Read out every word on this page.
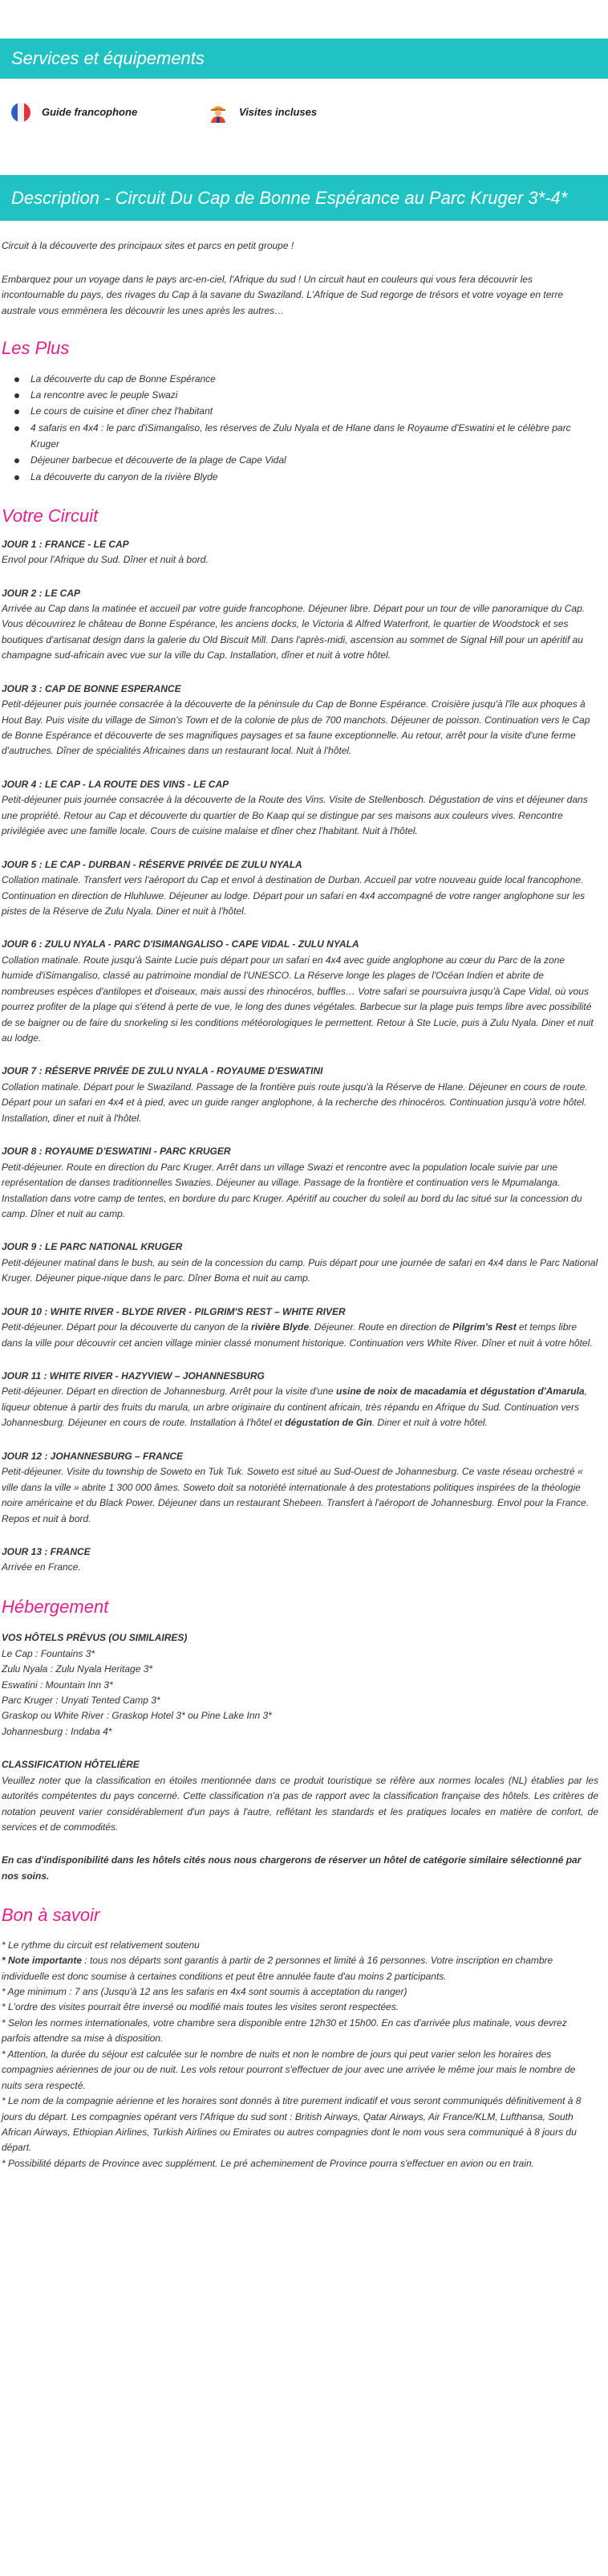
Services et équipements
Guide francophone	Visites incluses
Description - Circuit Du Cap de Bonne Espérance au Parc Kruger 3*-4*

Circuit à la découverte des principaux sites et parcs en petit groupe !

Embarquez pour un voyage dans le pays arc-en-ciel, l'Afrique du sud ! Un circuit haut en couleurs qui vous fera découvrir les incontournable du pays, des rivages du Cap à la savane du Swaziland. L'Afrique de Sud regorge de trésors et votre voyage en terre australe vous emmènera les découvrir les unes après les autres…

Les Plus
La découverte du cap de Bonne Espérance
La rencontre avec le peuple Swazi
Le cours de cuisine et dîner chez l'habitant
4 safaris en 4x4 : le parc d'iSimangaliso, les réserves de Zulu Nyala et de Hlane dans le Royaume d'Eswatini et le célèbre parc Kruger
Déjeuner barbecue et découverte de la plage de Cape Vidal
La découverte du canyon de la rivière Blyde
Votre Circuit
JOUR 1 : FRANCE - LE CAP
Envol pour l'Afrique du Sud. Dîner et nuit à bord.
JOUR 2 : LE CAP
Arrivée au Cap dans la matinée et accueil par votre guide francophone. Déjeuner libre. Départ pour un tour de ville panoramique du Cap. Vous découvrirez le château de Bonne Espérance, les anciens docks, le Victoria & Alfred Waterfront, le quartier de Woodstock et ses boutiques d'artisanat design dans la galerie du Old Biscuit Mill. Dans l'après-midi, ascension au sommet de Signal Hill pour un apéritif au champagne sud-africain avec vue sur la ville du Cap. Installation, dîner et nuit à votre hôtel.
JOUR 3 : CAP DE BONNE ESPERANCE
Petit-déjeuner puis journée consacrée à la découverte de la péninsule du Cap de Bonne Espérance. Croisière jusqu'à l'île aux phoques à Hout Bay. Puis visite du village de Simon's Town et de la colonie de plus de 700 manchots. Déjeuner de poisson. Continuation vers le Cap de Bonne Espérance et découverte de ses magnifiques paysages et sa faune exceptionnelle. Au retour, arrêt pour la visite d'une ferme d'autruches. Dîner de spécialités Africaines dans un restaurant local. Nuit à l'hôtel.
JOUR 4 : LE CAP - LA ROUTE DES VINS - LE CAP
Petit-déjeuner puis journée consacrée à la découverte de la Route des Vins. Visite de Stellenbosch. Dégustation de vins et déjeuner dans une propriété. Retour au Cap et découverte du quartier de Bo Kaap qui se distingue par ses maisons aux couleurs vives. Rencontre privilégiée avec une famille locale. Cours de cuisine malaise et dîner chez l'habitant. Nuit à l'hôtel.
JOUR 5 : LE CAP - DURBAN - RÉSERVE PRIVÉE DE ZULU NYALA
Collation matinale. Transfert vers l'aéroport du Cap et envol à destination de Durban. Accueil par votre nouveau guide local francophone. Continuation en direction de Hluhluwe. Déjeuner au lodge. Départ pour un safari en 4x4 accompagné de votre ranger anglophone sur les pistes de la Réserve de Zulu Nyala. Diner et nuit à l'hôtel.
JOUR 6 : ZULU NYALA - PARC D'ISIMANGALISO - CAPE VIDAL - ZULU NYALA
Collation matinale. Route jusqu'à Sainte Lucie puis départ pour un safari en 4x4 avec guide anglophone au cœur du Parc de la zone humide d'iSimangaliso, classé au patrimoine mondial de l'UNESCO. La Réserve longe les plages de l'Océan Indien et abrite de nombreuses espèces d'antilopes et d'oiseaux, mais aussi des rhinocéros, buffles… Votre safari se poursuivra jusqu'à Cape Vidal, où vous pourrez profiter de la plage qui s'étend à perte de vue, le long des dunes végétales. Barbecue sur la plage puis temps libre avec possibilité de se baigner ou de faire du snorkeling si les conditions météorologiques le permettent. Retour à Ste Lucie, puis à Zulu Nyala. Diner et nuit au lodge.
JOUR 7 : RÉSERVE PRIVÉE DE ZULU NYALA - ROYAUME D'ESWATINI
Collation matinale. Départ pour le Swaziland. Passage de la frontière puis route jusqu'à la Réserve de Hlane. Déjeuner en cours de route. Départ pour un safari en 4x4 et à pied, avec un guide ranger anglophone, à la recherche des rhinocéros. Continuation jusqu'à votre hôtel. Installation, diner et nuit à l'hôtel.
JOUR 8 : ROYAUME D'ESWATINI - PARC KRUGER
Petit-déjeuner. Route en direction du Parc Kruger. Arrêt dans un village Swazi et rencontre avec la population locale suivie par une représentation de danses traditionnelles Swazies. Déjeuner au village. Passage de la frontière et continuation vers le Mpumalanga. Installation dans votre camp de tentes, en bordure du parc Kruger. Apéritif au coucher du soleil au bord du lac situé sur la concession du camp. Dîner et nuit au camp.
JOUR 9 : LE PARC NATIONAL KRUGER
Petit-déjeuner matinal dans le bush, au sein de la concession du camp. Puis départ pour une journée de safari en 4x4 dans le Parc National Kruger. Déjeuner pique-nique dans le parc. Dîner Boma et nuit au camp.
JOUR 10 : WHITE RIVER - BLYDE RIVER - PILGRIM'S REST – WHITE RIVER
Petit-déjeuner. Départ pour la découverte du canyon de la rivière Blyde. Déjeuner. Route en direction de Pilgrim's Rest et temps libre dans la ville pour découvrir cet ancien village minier classé monument historique. Continuation vers White River. Dîner et nuit à votre hôtel.
JOUR 11 : WHITE RIVER - HAZYVIEW – JOHANNESBURG
Petit-déjeuner. Départ en direction de Johannesburg. Arrêt pour la visite d'une usine de noix de macadamia et dégustation d'Amarula, liqueur obtenue à partir des fruits du marula, un arbre originaire du continent africain, très répandu en Afrique du Sud. Continuation vers Johannesburg. Déjeuner en cours de route. Installation à l'hôtel et dégustation de Gin. Diner et nuit à votre hôtel.
JOUR 12 : JOHANNESBURG – FRANCE
Petit-déjeuner. Visite du township de Soweto en Tuk Tuk. Soweto est situé au Sud-Ouest de Johannesburg. Ce vaste réseau orchestré « ville dans la ville » abrite 1 300 000 âmes. Soweto doit sa notoriété internationale à des protestations politiques inspirées de la théologie noire américaine et du Black Power. Déjeuner dans un restaurant Shebeen. Transfert à l'aéroport de Johannesburg. Envol pour la France. Repos et nuit à bord.
JOUR 13 : FRANCE
Arrivée en France.
Hébergement

VOS HÔTELS PRÉVUS (OU SIMILAIRES)

Le Cap : Fountains 3*

Zulu Nyala : Zulu Nyala Heritage 3*

Eswatini : Mountain Inn 3*

Parc Kruger : Unyati Tented Camp 3*

Graskop ou White River : Graskop Hotel 3* ou Pine Lake Inn 3*

Johannesburg : Indaba 4*

CLASSIFICATION HÔTELIÈRE

Veuillez noter que la classification en étoiles mentionnée dans ce produit touristique se réfère aux normes locales (NL) établies par les autorités compétentes du pays concerné. Cette classification n'a pas de rapport avec la classification française des hôtels. Les critères de notation peuvent varier considérablement d'un pays à l'autre, reflétant les standards et les pratiques locales en matière de confort, de services et de commodités.

En cas d'indisponibilité dans les hôtels cités nous nous chargerons de réserver un hôtel de catégorie similaire sélectionné par nos soins.

Bon à savoir

* Le rythme du circuit est relativement soutenu

* Note importante : tous nos départs sont garantis à partir de 2 personnes et limité à 16 personnes. Votre inscription en chambre individuelle est donc soumise à certaines conditions et peut être annulée faute d'au moins 2 participants.

* Age minimum : 7 ans (Jusqu'à 12 ans les safaris en 4x4 sont soumis à acceptation du ranger)

* L'ordre des visites pourrait être inversé ou modifié mais toutes les visites seront respectées.

* Selon les normes internationales, votre chambre sera disponible entre 12h30 et 15h00. En cas d'arrivée plus matinale, vous devrez parfois attendre sa mise à disposition.

* Attention, la durée du séjour est calculée sur le nombre de nuits et non le nombre de jours qui peut varier selon les horaires des compagnies aériennes de jour ou de nuit. Les vols retour pourront s'effectuer de jour avec une arrivée le même jour mais le nombre de nuits sera respecté.

* Le nom de la compagnie aérienne et les horaires sont donnés à titre purement indicatif et vous seront communiqués définitivement à 8 jours du départ. Les compagnies opérant vers l'Afrique du sud sont : British Airways, Qatar Airways, Air France/KLM, Lufthansa, South African Airways, Ethiopian Airlines, Turkish Airlines ou Emirates ou autres compagnies dont le nom vous sera communiqué à 8 jours du départ.

* Possibilité départs de Province avec supplément. Le pré acheminement de Province pourra s'effectuer en avion ou en train.
